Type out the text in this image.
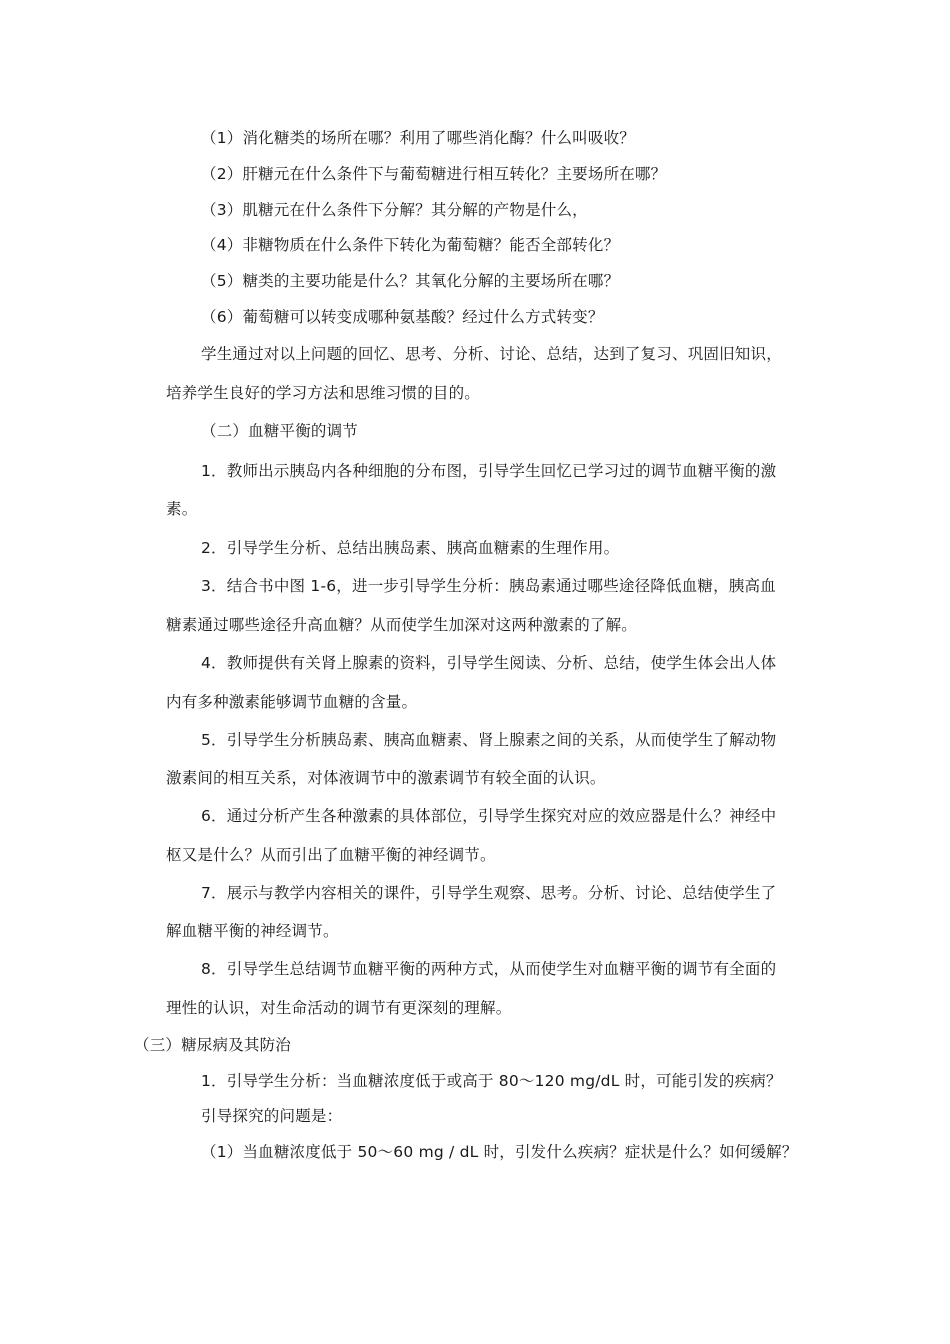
（1）消化糖类的场所在哪？利用了哪些消化酶？什么叫吸收？
（2）肝糖元在什么条件下与葡萄糖进行相互转化？主要场所在哪？
（3）肌糖元在什么条件下分解？其分解的产物是什么，
（4）非糖物质在什么条件下转化为葡萄糖？能否全部转化？
（5）糖类的主要功能是什么？其氧化分解的主要场所在哪？
（6）葡萄糖可以转变成哪种氨基酸？经过什么方式转变？
学生通过对以上问题的回忆、思考、分析、讨论、总结，达到了复习、巩固旧知识，
培养学生良好的学习方法和思维习惯的目的。
（二）血糖平衡的调节
1．教师出示胰岛内各种细胞的分布图，引导学生回忆已学习过的调节血糖平衡的激
素。
2．引导学生分析、总结出胰岛素、胰高血糖素的生理作用。
3．结合书中图 1-6，进一步引导学生分析：胰岛素通过哪些途径降低血糖，胰高血
糖素通过哪些途径升高血糖？从而使学生加深对这两种激素的了解。
4．教师提供有关肾上腺素的资料，引导学生阅读、分析、总结，使学生体会出人体
内有多种激素能够调节血糖的含量。
5．引导学生分析胰岛素、胰高血糖素、肾上腺素之间的关系，从而使学生了解动物
激素间的相互关系，对体液调节中的激素调节有较全面的认识。
6．通过分析产生各种激素的具体部位，引导学生探究对应的效应器是什么？神经中
枢又是什么？从而引出了血糖平衡的神经调节。
7．展示与教学内容相关的课件，引导学生观察、思考。分析、讨论、总结使学生了
解血糖平衡的神经调节。
8．引导学生总结调节血糖平衡的两种方式，从而使学生对血糖平衡的调节有全面的
理性的认识，对生命活动的调节有更深刻的理解。
（三）糖尿病及其防治
1．引导学生分析：当血糖浓度低于或高于 80～120 mg/dL 时，可能引发的疾病？
引导探究的问题是：
（1）当血糖浓度低于 50～60 mg / dL 时，引发什么疾病？症状是什么？如何缓解？
